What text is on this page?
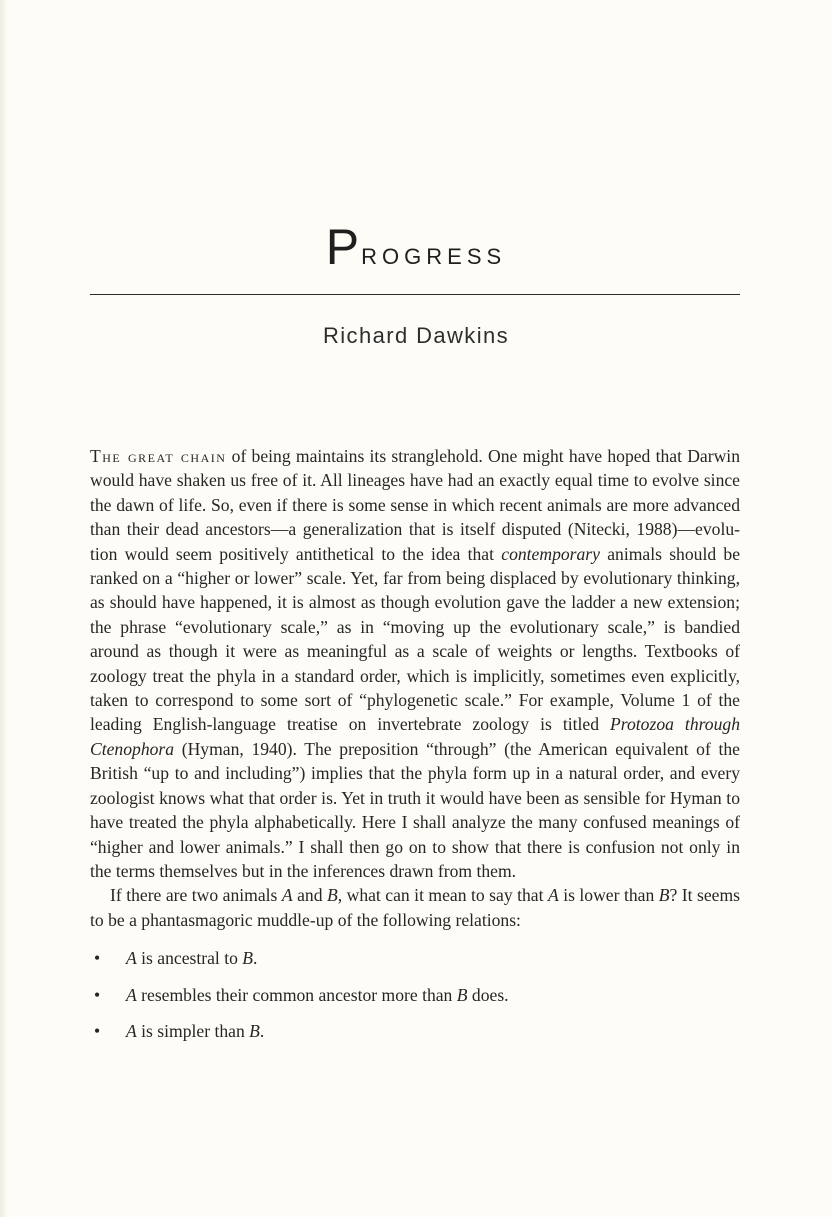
PROGRESS
Richard Dawkins

The great chain of being maintains its stranglehold. One might have hoped that Darwin would have shaken us free of it. All lineages have had an exactly equal time to evolve since the dawn of life. So, even if there is some sense in which recent animals are more advanced than their dead ancestors—a generalization that is itself disputed (Nitecki, 1988)—evolution would seem positively antithetical to the idea that contemporary animals should be ranked on a “higher or lower” scale. Yet, far from being displaced by evolutionary thinking, as should have happened, it is almost as though evolution gave the ladder a new extension; the phrase “evolutionary scale,” as in “moving up the evolutionary scale,” is bandied around as though it were as meaningful as a scale of weights or lengths. Textbooks of zoology treat the phyla in a standard order, which is implicitly, sometimes even explicitly, taken to correspond to some sort of “phylogenetic scale.” For example, Volume 1 of the leading English-language treatise on invertebrate zoology is titled Protozoa through Ctenophora (Hyman, 1940). The preposition “through” (the American equivalent of the British “up to and including”) implies that the phyla form up in a natural order, and every zoologist knows what that order is. Yet in truth it would have been as sensible for Hyman to have treated the phyla alphabetically. Here I shall analyze the many confused meanings of “higher and lower animals.” I shall then go on to show that there is confusion not only in the terms themselves but in the inferences drawn from them.

If there are two animals A and B, what can it mean to say that A is lower than B? It seems to be a phantasmagoric muddle-up of the following relations:

• A is ancestral to B.
• A resembles their common ancestor more than B does.
• A is simpler than B.
